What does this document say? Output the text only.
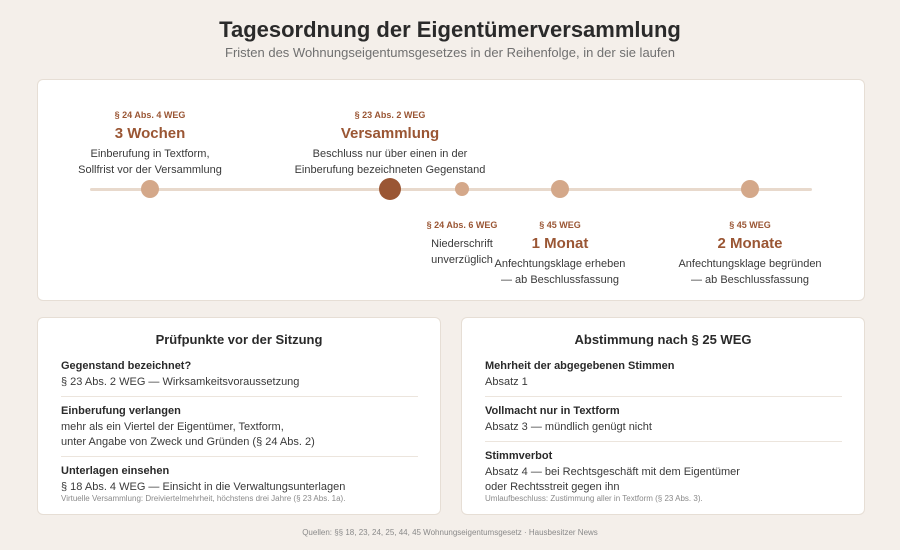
Tagesordnung der Eigentümerversammlung
Fristen des Wohnungseigentumsgesetzes in der Reihenfolge, in der sie laufen
§ 24 Abs. 4 WEG
3 Wochen
Einberufung in Textform,
Sollfrist vor der Versammlung
§ 23 Abs. 2 WEG
Versammlung
Beschluss nur über einen in der
Einberufung bezeichneten Gegenstand
§ 24 Abs. 6 WEG
Niederschrift
unverzüglich
§ 45 WEG
1 Monat
Anfechtungsklage erheben
— ab Beschlussfassung
§ 45 WEG
2 Monate
Anfechtungsklage begründen
— ab Beschlussfassung
Prüfpunkte vor der Sitzung
Gegenstand bezeichnet?
§ 23 Abs. 2 WEG — Wirksamkeitsvoraussetzung
Einberufung verlangen
mehr als ein Viertel der Eigentümer, Textform,
unter Angabe von Zweck und Gründen (§ 24 Abs. 2)
Unterlagen einsehen
§ 18 Abs. 4 WEG — Einsicht in die Verwaltungsunterlagen
Virtuelle Versammlung: Dreiviertelmehrheit, höchstens drei Jahre (§ 23 Abs. 1a).
Abstimmung nach § 25 WEG
Mehrheit der abgegebenen Stimmen
Absatz 1
Vollmacht nur in Textform
Absatz 3 — mündlich genügt nicht
Stimmverbot
Absatz 4 — bei Rechtsgeschäft mit dem Eigentümer
oder Rechtsstreit gegen ihn
Umlaufbeschluss: Zustimmung aller in Textform (§ 23 Abs. 3).
Quellen: §§ 18, 23, 24, 25, 44, 45 Wohnungseigentumsgesetz · Hausbesitzer News
